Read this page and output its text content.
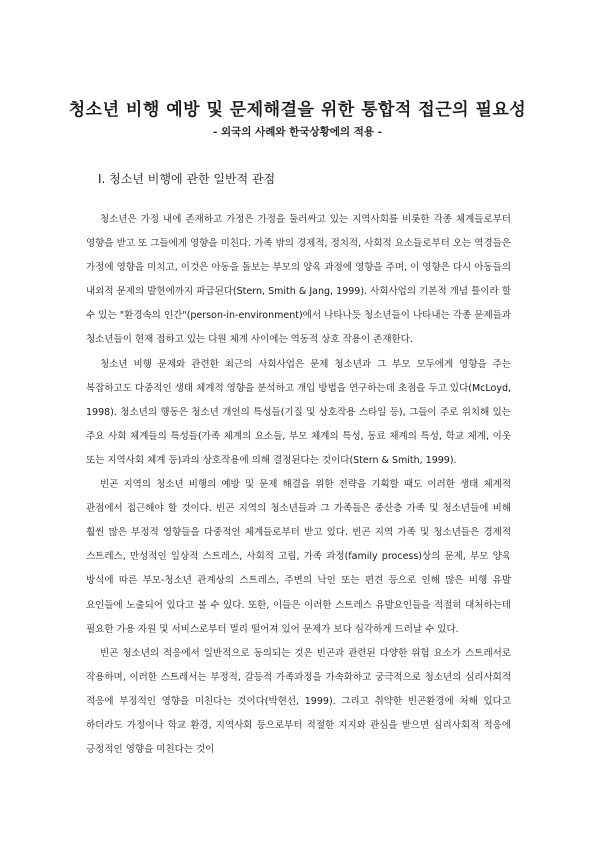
청소년 비행 예방 및 문제해결을 위한 통합적 접근의 필요성
- 외국의 사례와 한국상황에의 적용 -
I. 청소년 비행에 관한 일반적 관점

청소년은 가정 내에 존재하고 가정은 가정을 둘러싸고 있는 지역사회를 비롯한 각종 체계들로부터 영향을 받고 또 그들에게 영향을 미친다. 가족 밖의 경제적, 정치적, 사회적 요소들로부터 오는 역경들은 가정에 영향을 미치고, 이것은 아동을 돌보는 부모의 양육 과정에 영향을 주며, 이 영향은 다시 아동들의 내외적 문제의 발현에까지 파급된다(Stern, Smith & Jang, 1999). 사회사업의 기본적 개념 틀이라 할 수 있는 "환경속의 인간"(person-in-environment)에서 나타나듯 청소년들이 나타내는 각종 문제들과 청소년들이 현재 접하고 있는 다원 체계 사이에는 역동적 상호 작용이 존재한다.

청소년 비행 문제와 관련한 최근의 사회사업은 문제 청소년과 그 부모 모두에게 영향을 주는 복잡하고도 다중적인 생태 체계적 영향을 분석하고 개입 방법을 연구하는데 초점을 두고 있다(McLoyd, 1998). 청소년의 행동은 청소년 개인의 특성들(기질 및 상호작용 스타일 등), 그들이 주로 위치해 있는 주요 사회 체계들의 특성들(가족 체계의 요소들, 부모 체계의 특성, 동료 체계의 특성, 학교 체계, 이웃 또는 지역사회 체계 등)과의 상호작용에 의해 결정된다는 것이다(Stern & Smith, 1999).

빈곤 지역의 청소년 비행의 예방 및 문제 해결을 위한 전략을 기획할 때도 이러한 생태 체계적 관점에서 접근해야 할 것이다. 빈곤 지역의 청소년들과 그 가족들은 중산층 가족 및 청소년들에 비해 훨씬 많은 부정적 영향들을 다중적인 체계들로부터 받고 있다. 빈곤 지역 가족 및 청소년들은 경제적 스트레스, 만성적인 일상적 스트레스, 사회적 고립, 가족 과정(family process)상의 문제, 부모 양육 방식에 따른 부모-청소년 관계상의 스트레스, 주변의 낙인 또는 편견 등으로 인해 많은 비행 유발 요인들에 노출되어 있다고 볼 수 있다. 또한, 이들은 이러한 스트레스 유발요인들을 적절히 대처하는데 필요한 가용 자원 및 서비스로부터 멀리 떨어져 있어 문제가 보다 심각하게 드러날 수 있다.

빈곤 청소년의 적응에서 일반적으로 동의되는 것은 빈곤과 관련된 다양한 위험 요소가 스트레서로 작용하며, 이러한 스트레서는 부정적, 갈등적 가족과정을 가속화하고 궁극적으로 청소년의 심리사회적 적응에 부정적인 영향을 미친다는 것이다(박현선, 1999). 그리고 취약한 빈곤환경에 처해 있다고 하더라도 가정이나 학교 환경, 지역사회 등으로부터 적절한 지지와 관심을 받으면 심리사회적 적응에 긍정적인 영향을 미친다는 것이
